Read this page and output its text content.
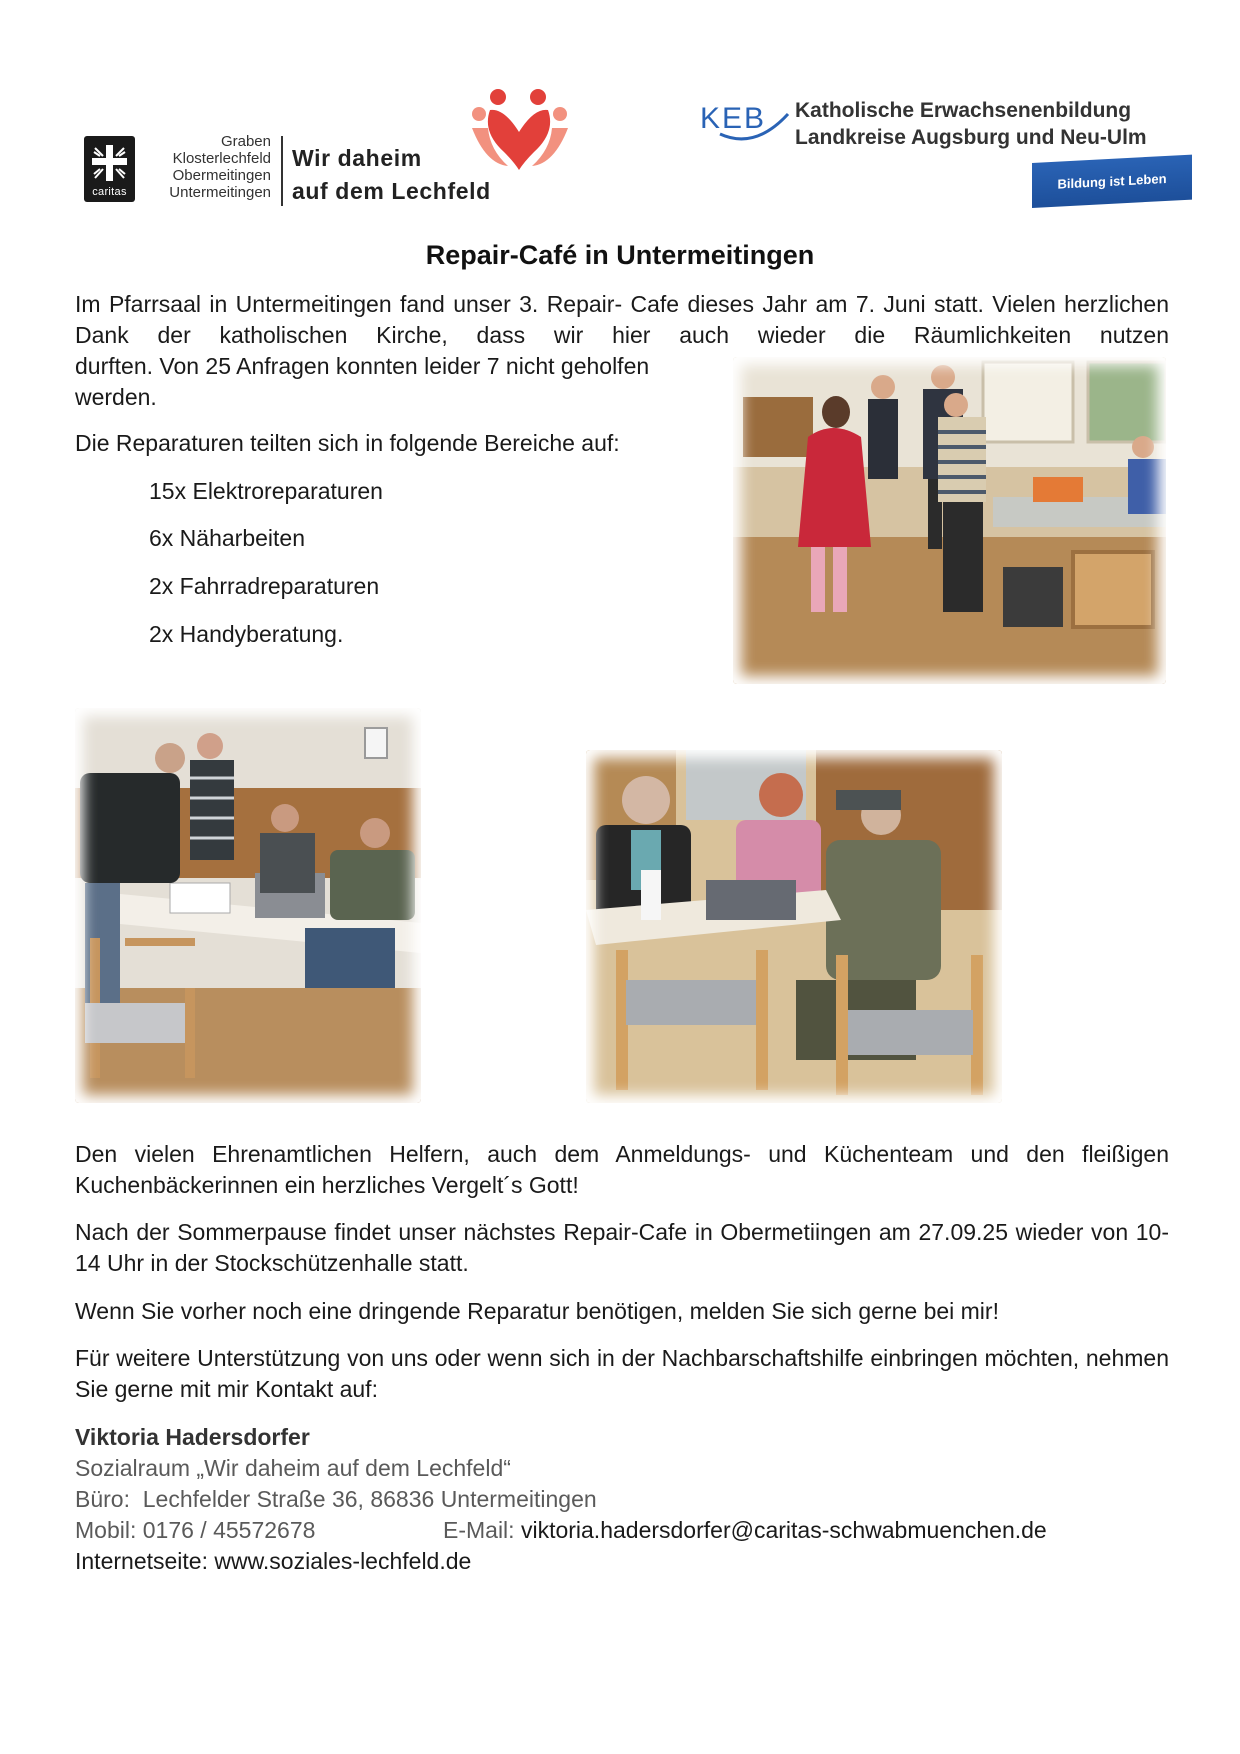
caritas
Graben
Klosterlechfeld
Obermeitingen
Untermeitingen
Wir daheim
auf dem Lechfeld
KEB Katholische Erwachsenenbildung
Landkreise Augsburg und Neu-Ulm
Bildung ist Leben
Repair-Café in Untermeitingen
Im Pfarrsaal in Untermeitingen fand unser 3. Repair- Cafe dieses Jahr am 7. Juni statt. Vielen herzlichen Dank der katholischen Kirche, dass wir hier auch wieder die Räumlichkeiten nutzen
durften. Von 25 Anfragen konnten leider 7 nicht geholfen
werden.
Die Reparaturen teilten sich in folgende Bereiche auf:
15x Elektroreparaturen
6x Näharbeiten
2x Fahrradreparaturen
2x Handyberatung.
Den vielen Ehrenamtlichen Helfern, auch dem Anmeldungs- und Küchenteam und den fleißigen Kuchenbäckerinnen ein herzliches Vergelt´s Gott!
Nach der Sommerpause findet unser nächstes Repair-Cafe in Obermetiingen am 27.09.25 wieder von 10-14 Uhr in der Stockschützenhalle statt.
Wenn Sie vorher noch eine dringende Reparatur benötigen, melden Sie sich gerne bei mir!
Für weitere Unterstützung von uns oder wenn sich in der Nachbarschaftshilfe einbringen möchten, nehmen Sie gerne mit mir Kontakt auf:
Viktoria Hadersdorfer
Sozialraum „Wir daheim auf dem Lechfeld“
Büro: Lechfelder Straße 36, 86836 Untermeitingen
Mobil: 0176 / 45572678	E-Mail: viktoria.hadersdorfer@caritas-schwabmuenchen.de
Internetseite: www.soziales-lechfeld.de
